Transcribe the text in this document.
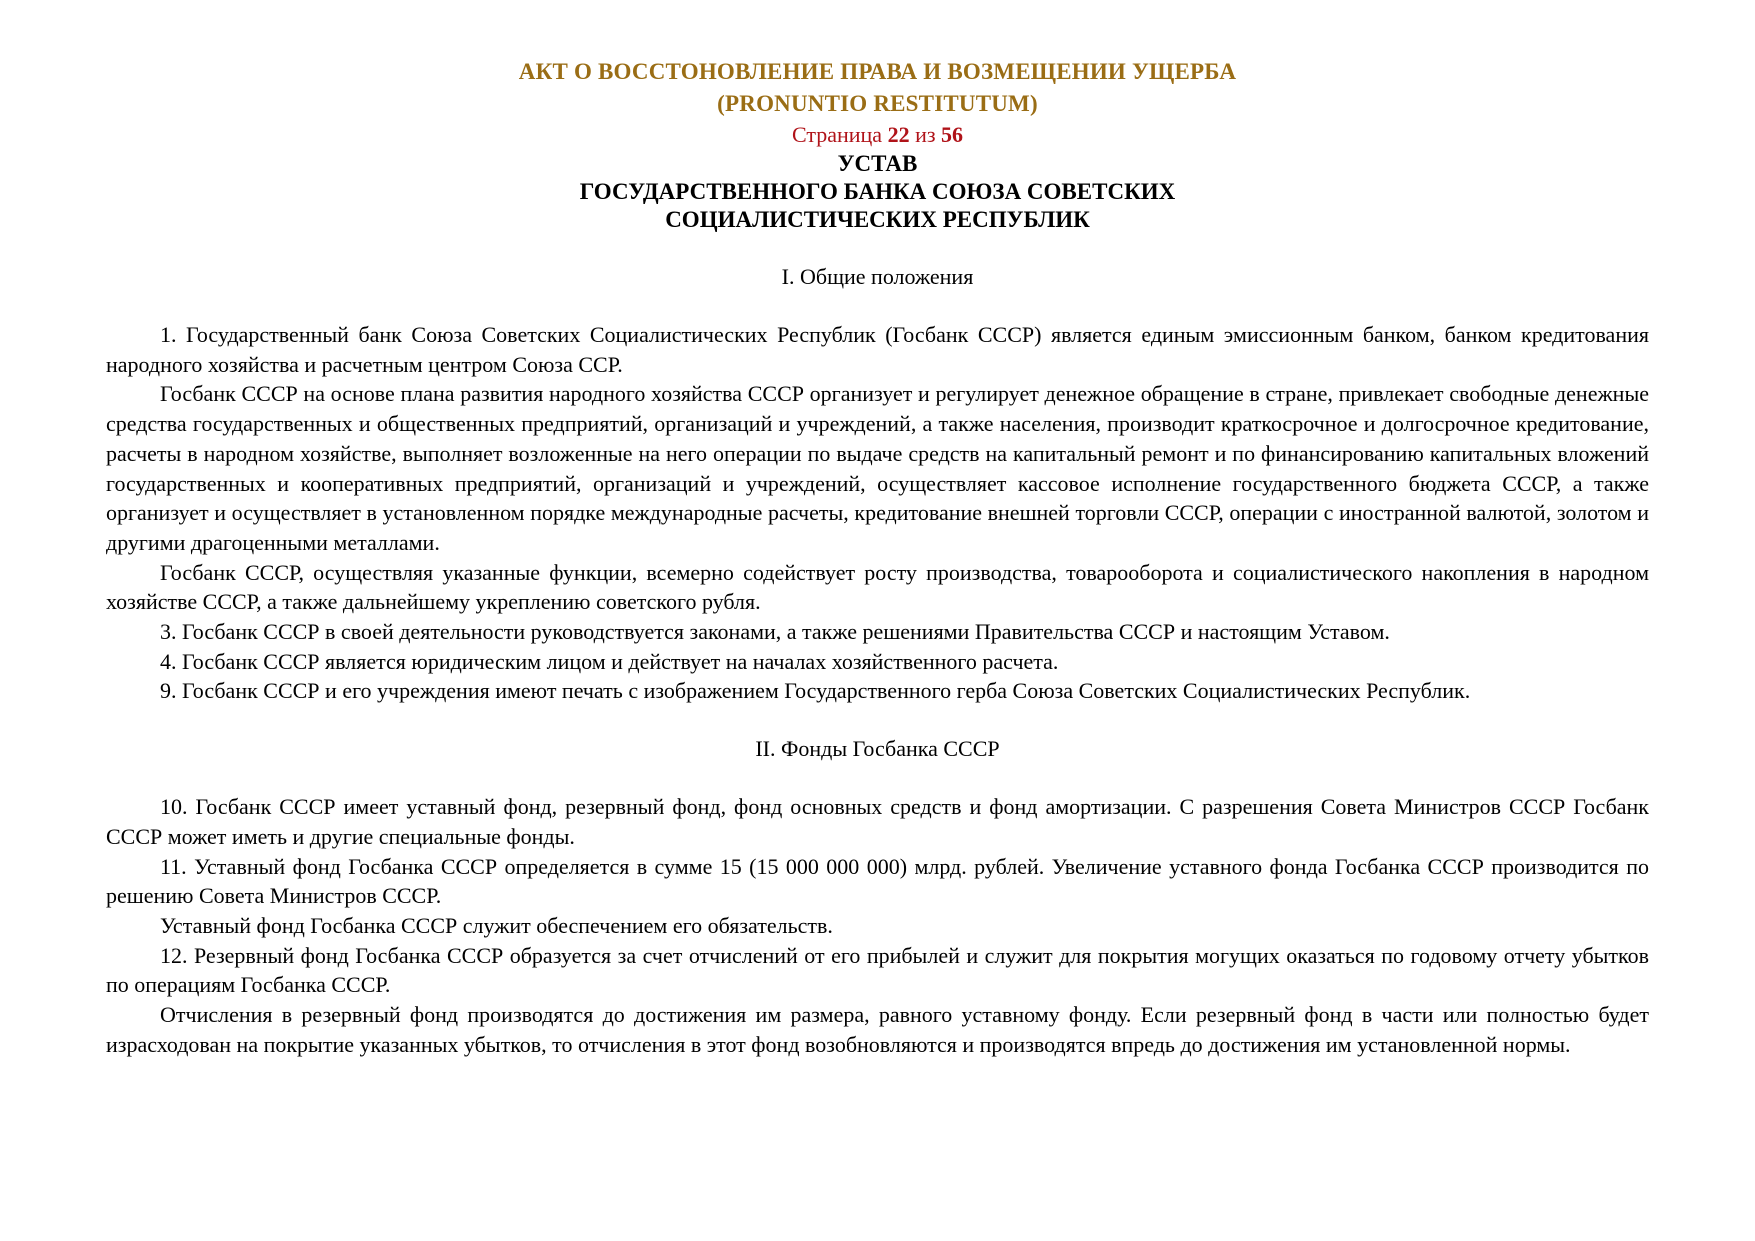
АКТ О ВОССТОНОВЛЕНИЕ ПРАВА И ВОЗМЕЩЕНИИ УЩЕРБА
(PRONUNTIO RESTITUTUM)
Страница 22 из 56
УСТАВ
ГОСУДАРСТВЕННОГО БАНКА СОЮЗА СОВЕТСКИХ
СОЦИАЛИСТИЧЕСКИХ РЕСПУБЛИК
I. Общие положения

1. Государственный банк Союза Советских Социалистических Республик (Госбанк СССР) является единым эмиссионным банком, банком кредитования народного хозяйства и расчетным центром Союза ССР.

Госбанк СССР на основе плана развития народного хозяйства СССР организует и регулирует денежное обращение в стране, привлекает свободные денежные средства государственных и общественных предприятий, организаций и учреждений, а также населения, производит краткосрочное и долгосрочное кредитование, расчеты в народном хозяйстве, выполняет возложенные на него операции по выдаче средств на капитальный ремонт и по финансированию капитальных вложений государственных и кооперативных предприятий, организаций и учреждений, осуществляет кассовое исполнение государственного бюджета СССР, а также организует и осуществляет в установленном порядке международные расчеты, кредитование внешней торговли СССР, операции с иностранной валютой, золотом и другими драгоценными металлами.

Госбанк СССР, осуществляя указанные функции, всемерно содействует росту производства, товарооборота и социалистического накопления в народном хозяйстве СССР, а также дальнейшему укреплению советского рубля.

3. Госбанк СССР в своей деятельности руководствуется законами, а также решениями Правительства СССР и настоящим Уставом.

4. Госбанк СССР является юридическим лицом и действует на началах хозяйственного расчета.

9. Госбанк СССР и его учреждения имеют печать с изображением Государственного герба Союза Советских Социалистических Республик.

II. Фонды Госбанка СССР

10. Госбанк СССР имеет уставный фонд, резервный фонд, фонд основных средств и фонд амортизации. С разрешения Совета Министров СССР Госбанк СССР может иметь и другие специальные фонды.

11. Уставный фонд Госбанка СССР определяется в сумме 15 (15 000 000 000) млрд. рублей. Увеличение уставного фонда Госбанка СССР производится по решению Совета Министров СССР.

Уставный фонд Госбанка СССР служит обеспечением его обязательств.

12. Резервный фонд Госбанка СССР образуется за счет отчислений от его прибылей и служит для покрытия могущих оказаться по годовому отчету убытков по операциям Госбанка СССР.

Отчисления в резервный фонд производятся до достижения им размера, равного уставному фонду. Если резервный фонд в части или полностью будет израсходован на покрытие указанных убытков, то отчисления в этот фонд возобновляются и производятся впредь до достижения им установленной нормы.
